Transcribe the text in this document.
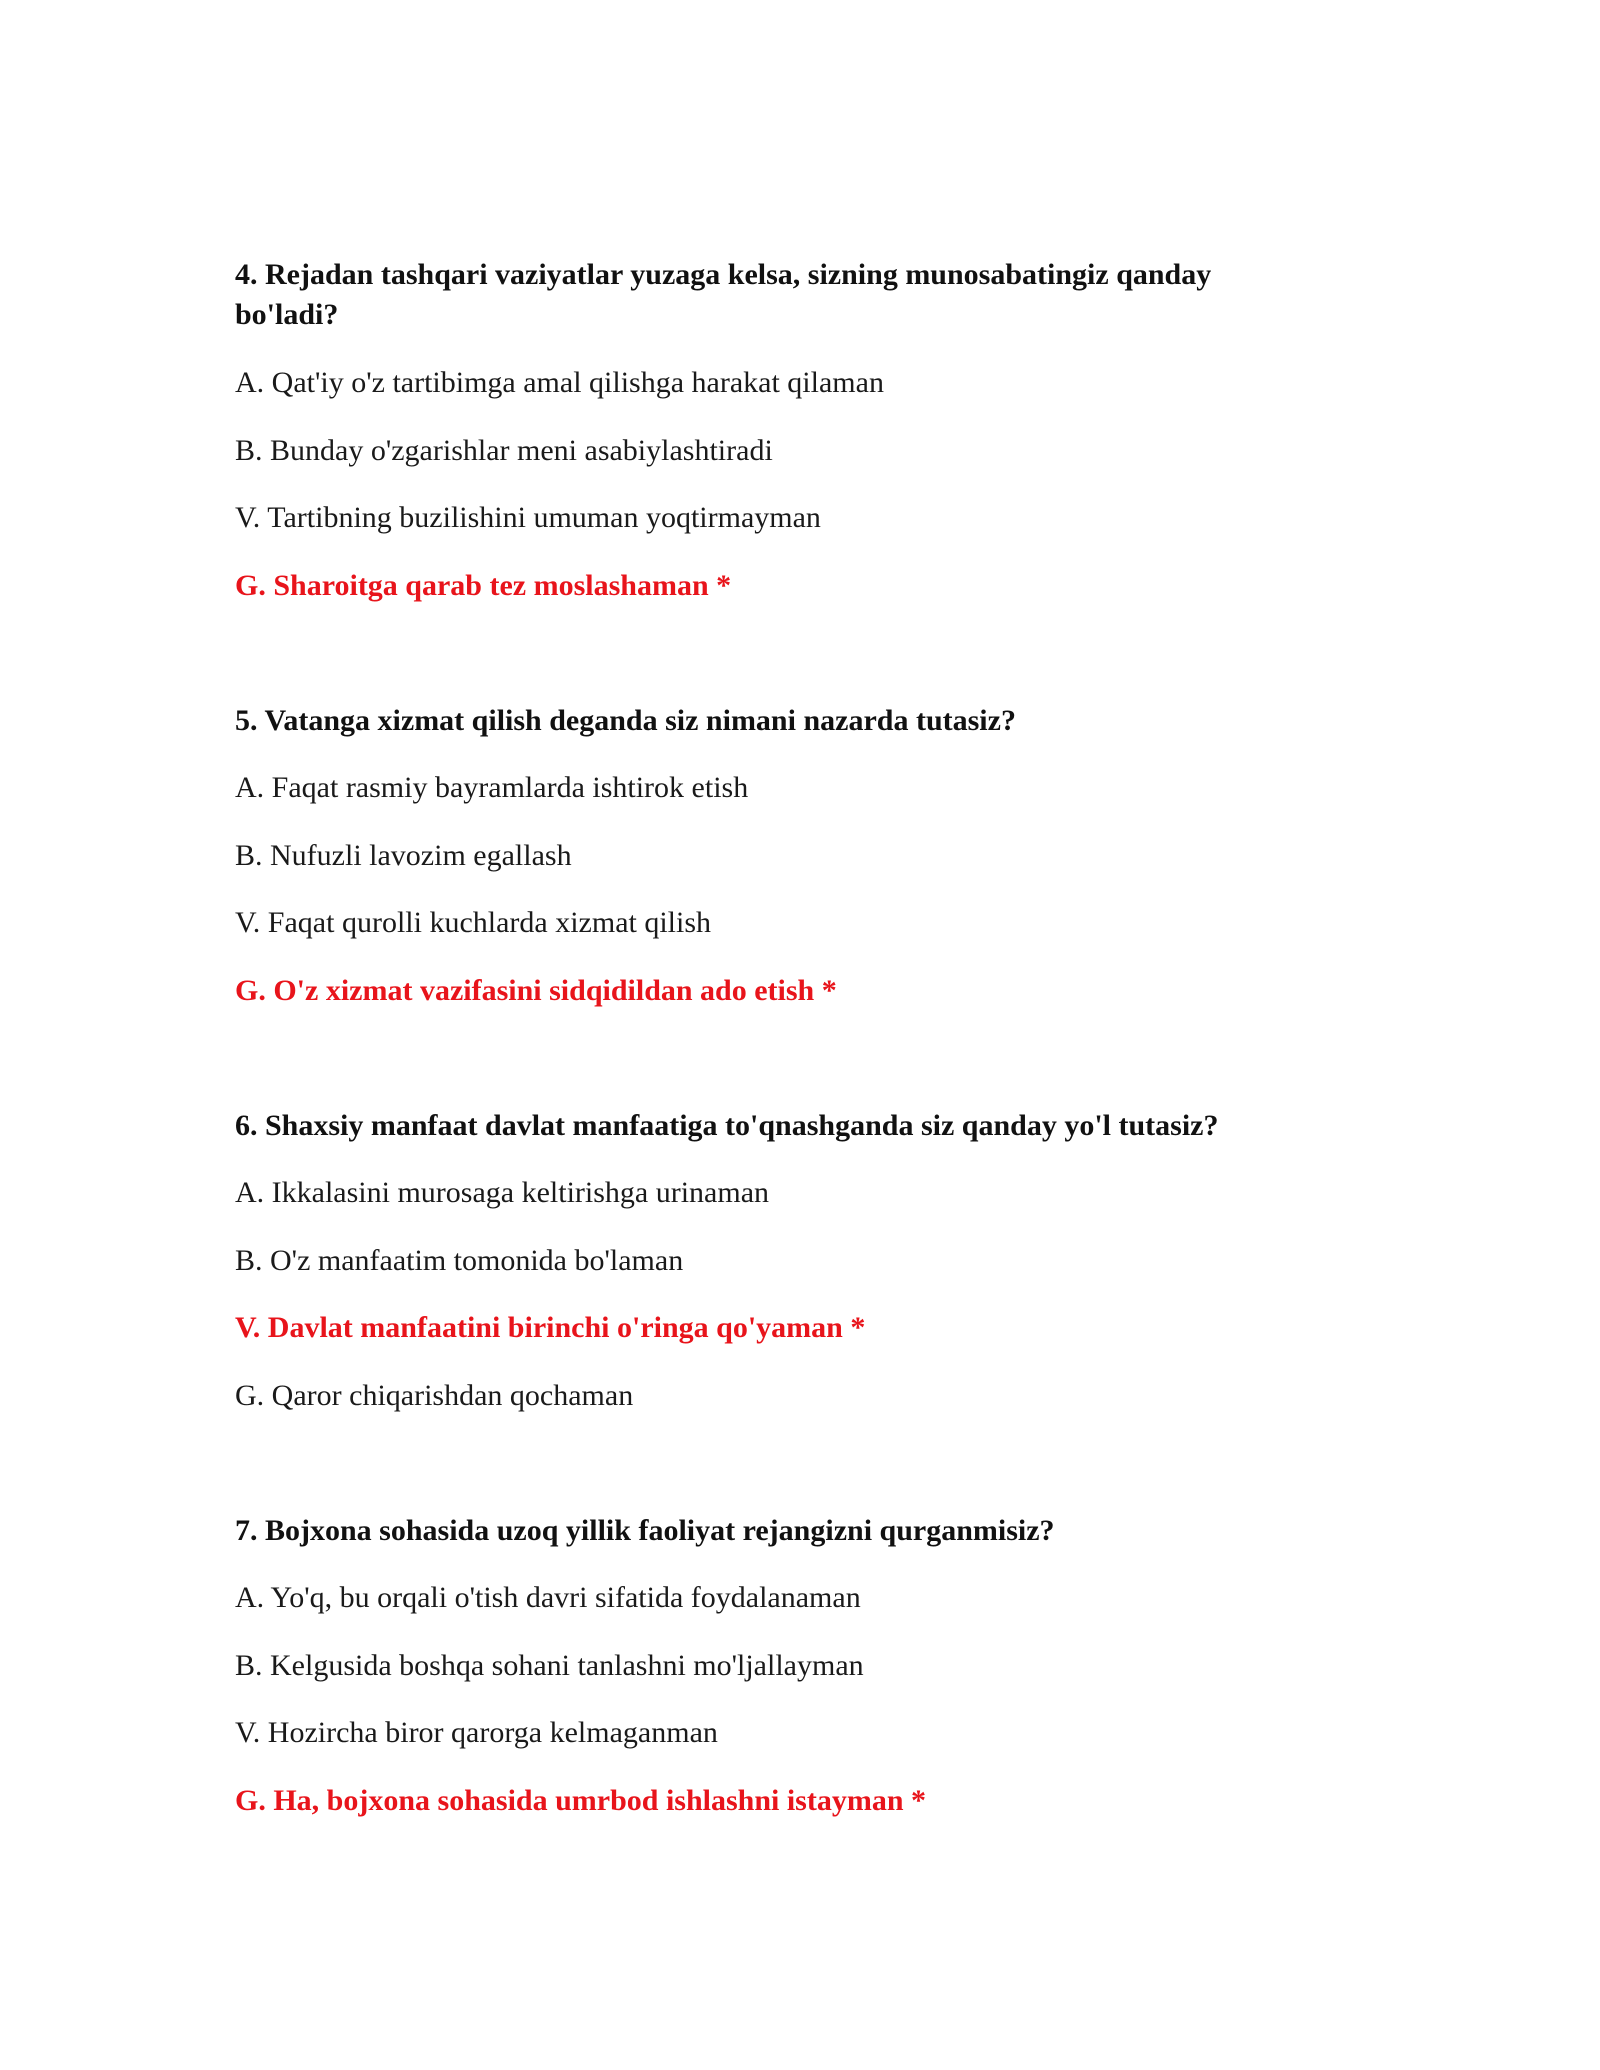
4. Rejadan tashqari vaziyatlar yuzaga kelsa, sizning munosabatingiz qanday bo'ladi?

A. Qat'iy o'z tartibimga amal qilishga harakat qilaman

B. Bunday o'zgarishlar meni asabiylashtiradi

V. Tartibning buzilishini umuman yoqtirmayman

G. Sharoitga qarab tez moslashaman *

5. Vatanga xizmat qilish deganda siz nimani nazarda tutasiz?

A. Faqat rasmiy bayramlarda ishtirok etish

B. Nufuzli lavozim egallash

V. Faqat qurolli kuchlarda xizmat qilish

G. O'z xizmat vazifasini sidqidildan ado etish *

6. Shaxsiy manfaat davlat manfaatiga to'qnashganda siz qanday yo'l tutasiz?

A. Ikkalasini murosaga keltirishga urinaman

B. O'z manfaatim tomonida bo'laman

V. Davlat manfaatini birinchi o'ringa qo'yaman *

G. Qaror chiqarishdan qochaman

7. Bojxona sohasida uzoq yillik faoliyat rejangizni qurganmisiz?

A. Yo'q, bu orqali o'tish davri sifatida foydalanaman

B. Kelgusida boshqa sohani tanlashni mo'ljallayman

V. Hozircha biror qarorga kelmaganman

G. Ha, bojxona sohasida umrbod ishlashni istayman *
